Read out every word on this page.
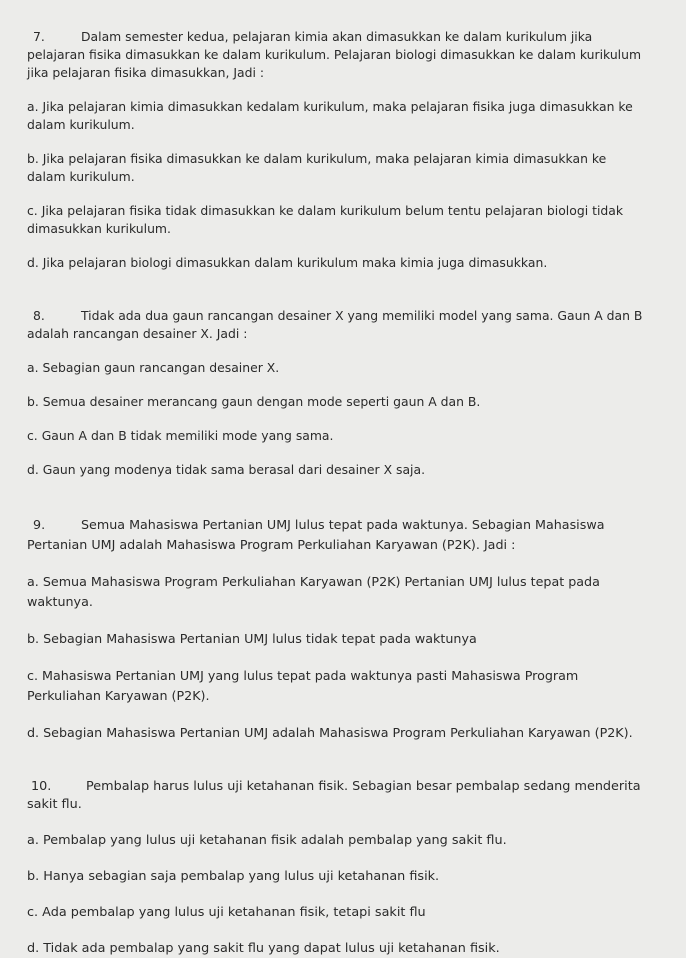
7.	Dalam semester kedua, pelajaran kimia akan dimasukkan ke dalam kurikulum jika pelajaran fisika dimasukkan ke dalam kurikulum. Pelajaran biologi dimasukkan ke dalam kurikulum jika pelajaran fisika dimasukkan, Jadi :

a. Jika pelajaran kimia dimasukkan kedalam kurikulum, maka pelajaran fisika juga dimasukkan ke dalam kurikulum.

b. Jika pelajaran fisika dimasukkan ke dalam kurikulum, maka pelajaran kimia dimasukkan ke dalam kurikulum.

c. Jika pelajaran fisika tidak dimasukkan ke dalam kurikulum belum tentu pelajaran biologi tidak dimasukkan kurikulum.

d. Jika pelajaran biologi dimasukkan dalam kurikulum maka kimia juga dimasukkan.

8.	Tidak ada dua gaun rancangan desainer X yang memiliki model yang sama. Gaun A dan B adalah rancangan desainer X. Jadi :

a. Sebagian gaun rancangan desainer X.

b. Semua desainer merancang gaun dengan mode seperti gaun A dan B.

c. Gaun A dan B tidak memiliki mode yang sama.

d. Gaun yang modenya tidak sama berasal dari desainer X saja.

9.	Semua Mahasiswa Pertanian UMJ lulus tepat pada waktunya. Sebagian Mahasiswa Pertanian UMJ adalah Mahasiswa Program Perkuliahan Karyawan (P2K). Jadi :

a. Semua Mahasiswa Program Perkuliahan Karyawan (P2K) Pertanian UMJ lulus tepat pada waktunya.

b. Sebagian Mahasiswa Pertanian UMJ lulus tidak tepat pada waktunya

c. Mahasiswa Pertanian UMJ yang lulus tepat pada waktunya pasti Mahasiswa Program Perkuliahan Karyawan (P2K).

d. Sebagian Mahasiswa Pertanian UMJ adalah Mahasiswa Program Perkuliahan Karyawan (P2K).

10.	Pembalap harus lulus uji ketahanan fisik. Sebagian besar pembalap sedang menderita sakit flu.

a. Pembalap yang lulus uji ketahanan fisik adalah pembalap yang sakit flu.

b. Hanya sebagian saja pembalap yang lulus uji ketahanan fisik.

c. Ada pembalap yang lulus uji ketahanan fisik, tetapi sakit flu

d. Tidak ada pembalap yang sakit flu yang dapat lulus uji ketahanan fisik.
